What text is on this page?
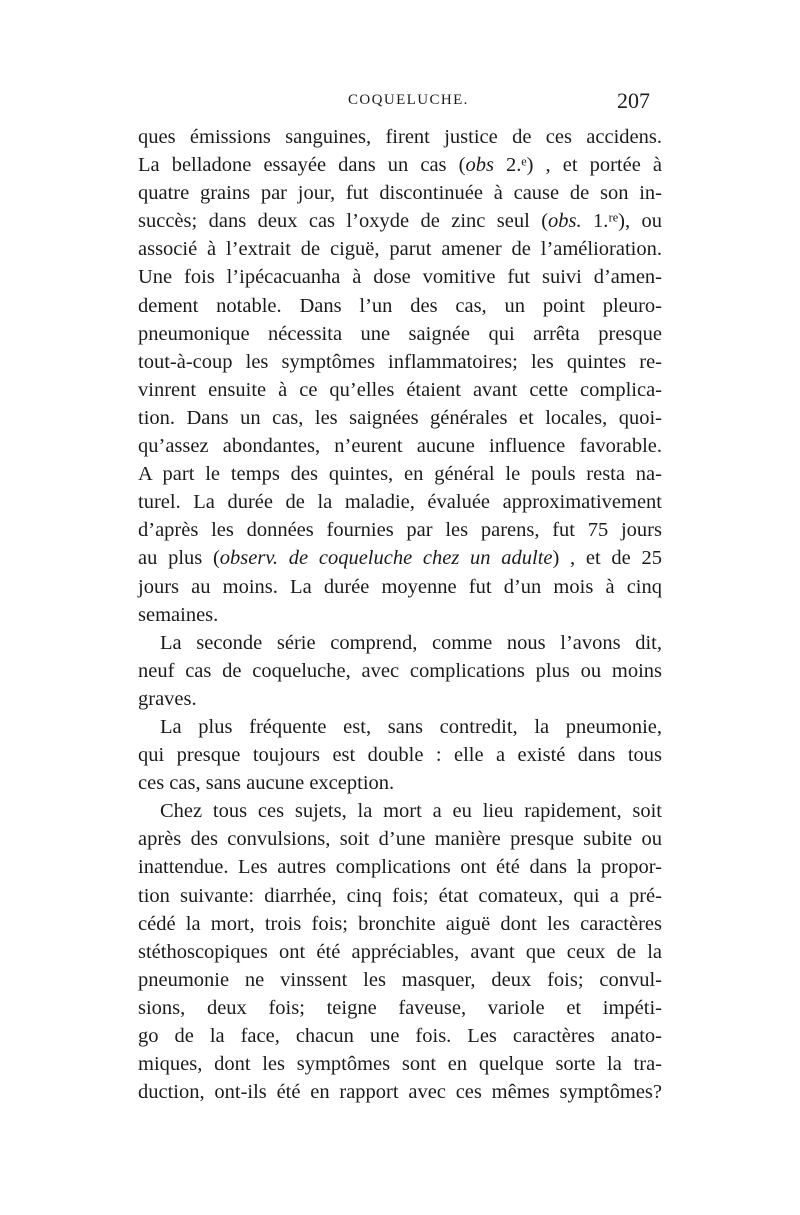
COQUELUCHE.	207
ques émissions sanguines, firent justice de ces accidens.
La belladone essayée dans un cas (obs 2.ᵉ) , et portée à
quatre grains par jour, fut discontinuée à cause de son in-
succès; dans deux cas l’oxyde de zinc seul (obs. 1.ʳᵉ), ou
associé à l’extrait de ciguë, parut amener de l’amélioration.
Une fois l’ipécacuanha à dose vomitive fut suivi d’amen-
dement notable. Dans l’un des cas, un point pleuro-
pneumonique nécessita une saignée qui arrêta presque
tout-à-coup les symptômes inflammatoires; les quintes re-
vinrent ensuite à ce qu’elles étaient avant cette complica-
tion. Dans un cas, les saignées générales et locales, quoi-
qu’assez abondantes, n’eurent aucune influence favorable.
A part le temps des quintes, en général le pouls resta na-
turel. La durée de la maladie, évaluée approximativement
d’après les données fournies par les parens, fut 75 jours
au plus (observ. de coqueluche chez un adulte) , et de 25
jours au moins. La durée moyenne fut d’un mois à cinq
semaines.
La seconde série comprend, comme nous l’avons dit,
neuf cas de coqueluche, avec complications plus ou moins
graves.
La plus fréquente est, sans contredit, la pneumonie,
qui presque toujours est double : elle a existé dans tous
ces cas, sans aucune exception.
Chez tous ces sujets, la mort a eu lieu rapidement, soit
après des convulsions, soit d’une manière presque subite ou
inattendue. Les autres complications ont été dans la propor-
tion suivante: diarrhée, cinq fois; état comateux, qui a pré-
cédé la mort, trois fois; bronchite aiguë dont les caractères
stéthoscopiques ont été appréciables, avant que ceux de la
pneumonie ne vinssent les masquer, deux fois; convul-
sions, deux fois; teigne faveuse, variole et impéti-
go de la face, chacun une fois. Les caractères anato-
miques, dont les symptômes sont en quelque sorte la tra-
duction, ont-ils été en rapport avec ces mêmes symptômes?
